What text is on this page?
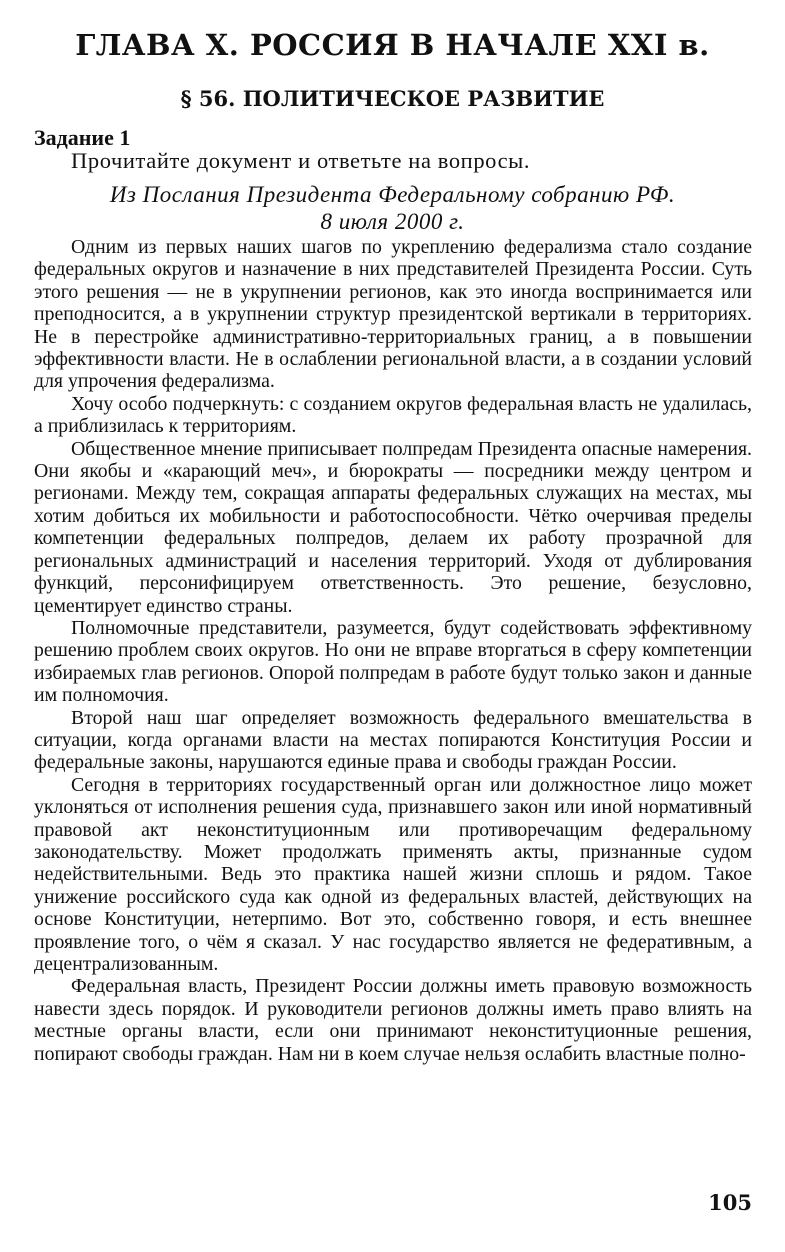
ГЛАВА X. РОССИЯ В НАЧАЛЕ XXI в.
§ 56. ПОЛИТИЧЕСКОЕ РАЗВИТИЕ
Задание 1
Прочитайте документ и ответьте на вопросы.
Из Послания Президента Федеральному собранию РФ.
8 июля 2000 г.

Одним из первых наших шагов по укреплению федерализма стало создание федеральных округов и назначение в них представителей Президента России. Суть этого решения — не в укрупнении регионов, как это иногда воспринимается или преподносится, а в укрупнении структур президентской вертикали в территориях. Не в перестройке административно-территориальных границ, а в повышении эффективности власти. Не в ослаблении региональной власти, а в создании условий для упрочения федерализма.

Хочу особо подчеркнуть: с созданием округов федеральная власть не удалилась, а приблизилась к территориям.

Общественное мнение приписывает полпредам Президента опасные намерения. Они якобы и «карающий меч», и бюрократы — посредники между центром и регионами. Между тем, сокращая аппараты федеральных служащих на местах, мы хотим добиться их мобильности и работоспособности. Чётко очерчивая пределы компетенции федеральных полпредов, делаем их работу прозрачной для региональных администраций и населения территорий. Уходя от дублирования функций, персонифицируем ответственность. Это решение, безусловно, цементирует единство страны.

Полномочные представители, разумеется, будут содействовать эффективному решению проблем своих округов. Но они не вправе вторгаться в сферу компетенции избираемых глав регионов. Опорой полпредам в работе будут только закон и данные им полномочия.

Второй наш шаг определяет возможность федерального вмешательства в ситуации, когда органами власти на местах попираются Конституция России и федеральные законы, нарушаются единые права и свободы граждан России.

Сегодня в территориях государственный орган или должностное лицо может уклоняться от исполнения решения суда, признавшего закон или иной нормативный правовой акт неконституционным или противоречащим федеральному законодательству. Может продолжать применять акты, признанные судом недействительными. Ведь это практика нашей жизни сплошь и рядом. Такое унижение российского суда как одной из федеральных властей, действующих на основе Конституции, нетерпимо. Вот это, собственно говоря, и есть внешнее проявление того, о чём я сказал. У нас государство является не федеративным, а децентрализованным.

Федеральная власть, Президент России должны иметь правовую возможность навести здесь порядок. И руководители регионов должны иметь право влиять на местные органы власти, если они принимают неконституционные решения, попирают свободы граждан. Нам ни в коем случае нельзя ослабить властные полно-

105
